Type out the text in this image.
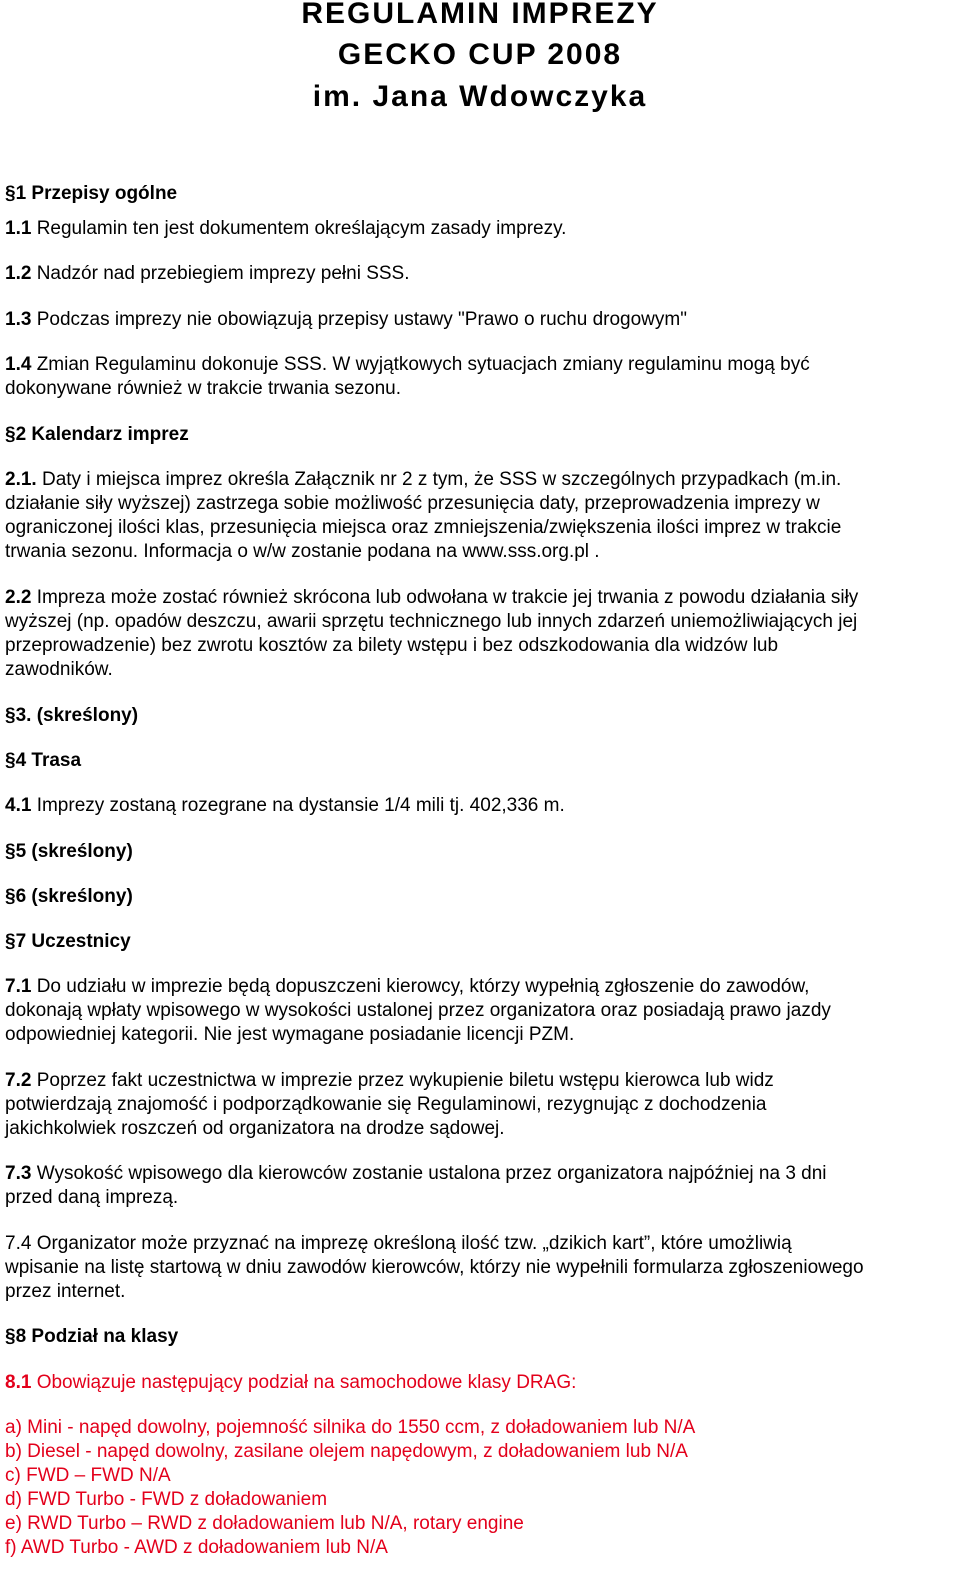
REGULAMIN IMPREZY
GECKO CUP 2008
im. Jana Wdowczyka
§1 Przepisy ogólne
1.1 Regulamin ten jest dokumentem określającym zasady imprezy.
1.2 Nadzór nad przebiegiem imprezy pełni SSS.
1.3 Podczas imprezy nie obowiązują przepisy ustawy "Prawo o ruchu drogowym"
1.4 Zmian Regulaminu dokonuje SSS. W wyjątkowych sytuacjach zmiany regulaminu mogą być
dokonywane również w trakcie trwania sezonu.
§2 Kalendarz imprez
2.1. Daty i miejsca imprez określa Załącznik nr 2 z tym, że SSS w szczególnych przypadkach (m.in.
działanie siły wyższej) zastrzega sobie możliwość przesunięcia daty, przeprowadzenia imprezy w
ograniczonej ilości klas, przesunięcia miejsca oraz zmniejszenia/zwiększenia ilości imprez w trakcie
trwania sezonu. Informacja o w/w zostanie podana na www.sss.org.pl .
2.2 Impreza może zostać również skrócona lub odwołana w trakcie jej trwania z powodu działania siły
wyższej (np. opadów deszczu, awarii sprzętu technicznego lub innych zdarzeń uniemożliwiających jej
przeprowadzenie) bez zwrotu kosztów za bilety wstępu i bez odszkodowania dla widzów lub
zawodników.
§3. (skreślony)
§4 Trasa
4.1 Imprezy zostaną rozegrane na dystansie 1/4 mili tj. 402,336 m.
§5 (skreślony)
§6 (skreślony)
§7 Uczestnicy
7.1 Do udziału w imprezie będą dopuszczeni kierowcy, którzy wypełnią zgłoszenie do zawodów,
dokonają wpłaty wpisowego w wysokości ustalonej przez organizatora oraz posiadają prawo jazdy
odpowiedniej kategorii. Nie jest wymagane posiadanie licencji PZM.
7.2 Poprzez fakt uczestnictwa w imprezie przez wykupienie biletu wstępu kierowca lub widz
potwierdzają znajomość i podporządkowanie się Regulaminowi, rezygnując z dochodzenia
jakichkolwiek roszczeń od organizatora na drodze sądowej.
7.3 Wysokość wpisowego dla kierowców zostanie ustalona przez organizatora najpóźniej na 3 dni
przed daną imprezą.
7.4 Organizator może przyznać na imprezę określoną ilość tzw. „dzikich kart”, które umożliwią
wpisanie na listę startową w dniu zawodów kierowców, którzy nie wypełnili formularza zgłoszeniowego
przez internet.
§8 Podział na klasy
8.1 Obowiązuje następujący podział na samochodowe klasy DRAG:
a) Mini - napęd dowolny, pojemność silnika do 1550 ccm, z doładowaniem lub N/A
b) Diesel - napęd dowolny, zasilane olejem napędowym, z doładowaniem lub N/A
c) FWD – FWD N/A
d) FWD Turbo - FWD z doładowaniem
e) RWD Turbo – RWD z doładowaniem lub N/A, rotary engine
f) AWD Turbo - AWD z doładowaniem lub N/A
